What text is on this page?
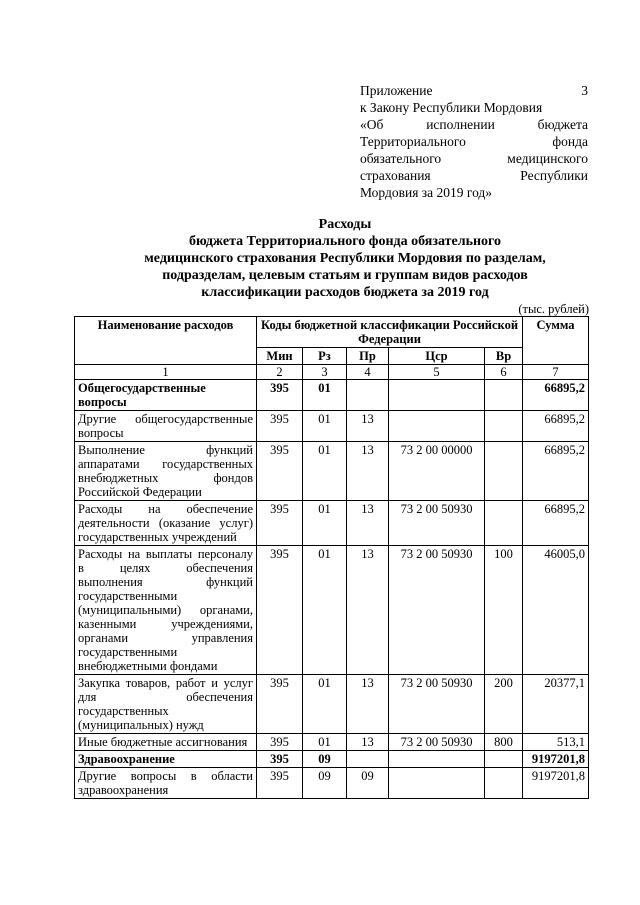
Приложение 3
к Закону Республики Мордовия
«Об исполнении бюджета
Территориального фонда
обязательного медицинского
страхования Республики
Мордовия за 2019 год»
Расходы
бюджета Территориального фонда обязательного
медицинского страхования Республики Мордовия по разделам,
подразделам, целевым статьям и группам видов расходов
классификации расходов бюджета за 2019 год
(тыс. рублей)
Наименование расходов	Коды бюджетной классификации Российской Федерации					Сумма
	Мин	Рз	Пр	Цср	Вр	
1	2	3	4	5	6	7
Общегосударственные вопросы	395	01				66895,2
Другие общегосударственные вопросы	395	01	13			66895,2
Выполнение функций аппаратами государственных внебюджетных фондов Российской Федерации	395	01	13	73 2 00 00000		66895,2
Расходы на обеспечение деятельности (оказание услуг) государственных учреждений	395	01	13	73 2 00 50930		66895,2
Расходы на выплаты персоналу в целях обеспечения выполнения функций государственными (муниципальными) органами, казенными учреждениями, органами управления государственными внебюджетными фондами	395	01	13	73 2 00 50930	100	46005,0
Закупка товаров, работ и услуг для обеспечения государственных (муниципальных) нужд	395	01	13	73 2 00 50930	200	20377,1
Иные бюджетные ассигнования	395	01	13	73 2 00 50930	800	513,1
Здравоохранение	395	09				9197201,8
Другие вопросы в области здравоохранения	395	09	09			9197201,8
